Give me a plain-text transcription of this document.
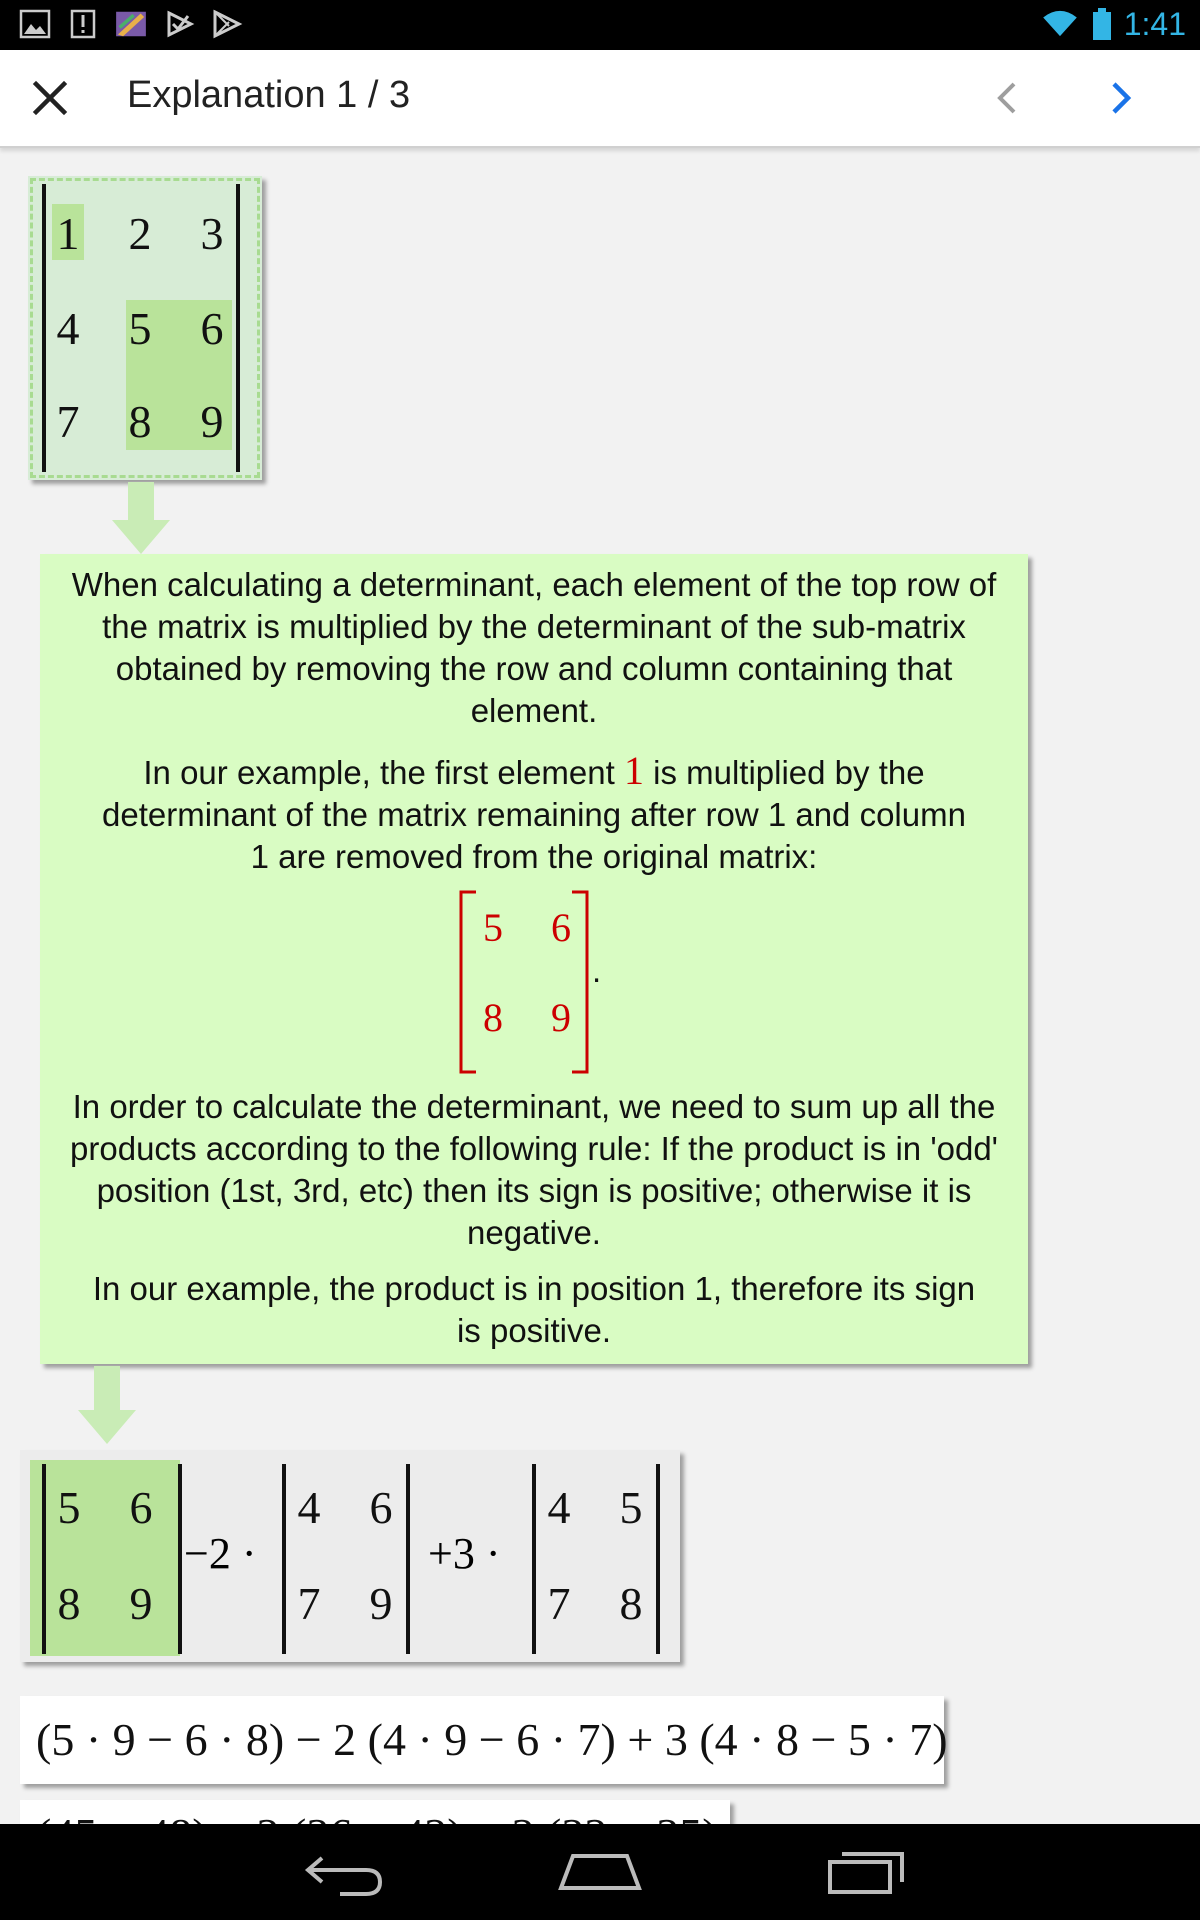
1:41
Explanation 1 / 3
1 2 3
4 5 6
7 8 9

When calculating a determinant, each element of the top row of the matrix is multiplied by the determinant of the sub-matrix obtained by removing the row and column containing that element.

In our example, the first element 1 is multiplied by the determinant of the matrix remaining after row 1 and column 1 are removed from the original matrix:

5	6
8	9
.

In order to calculate the determinant, we need to sum up all the products according to the following rule: If the product is in 'odd' position (1st, 3rd, etc) then its sign is positive; otherwise it is negative.

In our example, the product is in position 1, therefore its sign is positive.

5 6
8 9
−2 ·
4 6
7 9
+3 ·
4 5
7 8
(5 · 9 − 6 · 8) − 2 (4 · 9 − 6 · 7) + 3 (4 · 8 − 5 · 7)
